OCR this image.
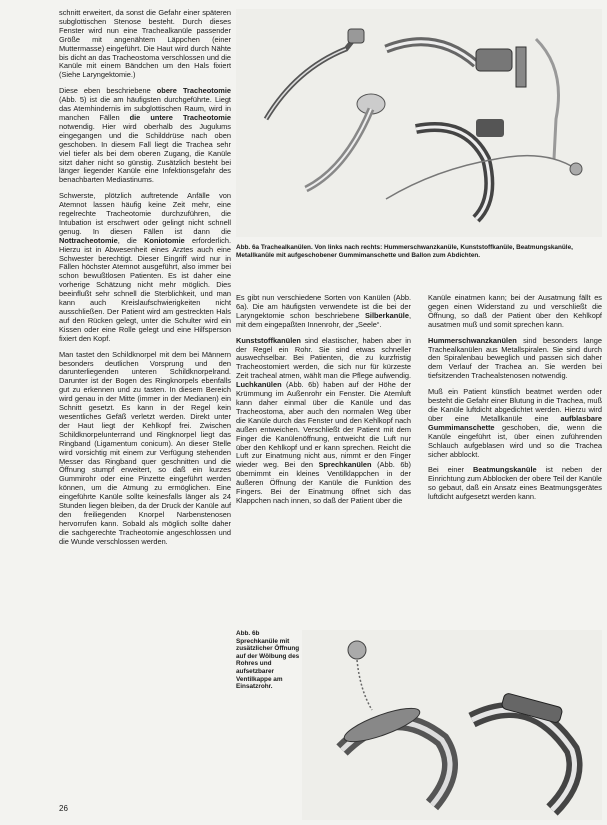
schnitt erweitert, da sonst die Gefahr einer späteren subglottischen Stenose besteht. Durch dieses Fenster wird nun eine Trachealkanüle passender Größe mit angenähtem Läppchen (einer Muttermasse) eingeführt. Die Haut wird durch Nähte bis dicht an das Tracheostoma verschlossen und die Kanüle mit einem Bändchen um den Hals fixiert (Siehe Laryngektomie.)

Diese eben beschriebene obere Tracheotomie (Abb. 5) ist die am häufigsten durchgeführte. Liegt das Atemhindernis im subglottischen Raum, wird in manchen Fällen die untere Tracheotomie notwendig. Hier wird oberhalb des Jugulums eingegangen und die Schilddrüse nach oben geschoben. In diesem Fall liegt die Trachea sehr viel tiefer als bei dem oberen Zugang, die Kanüle sitzt daher nicht so günstig. Zusätzlich besteht bei länger liegender Kanüle eine Infektionsgefahr des benachbarten Mediastinums.

Schwerste, plötzlich auftretende Anfälle von Atemnot lassen häufig keine Zeit mehr, eine regelrechte Tracheotomie durchzuführen, die Intubation ist erschwert oder gelingt nicht schnell genug. In diesen Fällen ist dann die Nottracheotomie, die Koniotomie erforderlich. Hierzu ist in Abwesenheit eines Arztes auch eine Schwester berechtigt. Dieser Eingriff wird nur in Fällen höchster Atemnot ausgeführt, also immer bei schon bewußtlosen Patienten. Es ist daher eine vorherige Schätzung nicht mehr möglich. Dies beeinflußt sehr schnell die Sterblichkeit, und man kann auch Kreislaufschwierigkeiten nicht ausschließen. Der Patient wird am gestreckten Hals auf den Rücken gelegt, unter die Schulter wird ein Kissen oder eine Rolle gelegt und eine Hilfsperson fixiert den Kopf.

Man tastet den Schildknorpel mit dem bei Männern besonders deutlichen Vorsprung und den darunterliegenden unteren Schildknorpelrand. Darunter ist der Bogen des Ringknorpels ebenfalls gut zu erkennen und zu tasten. In diesem Bereich wird genau in der Mitte (immer in der Medianen) ein Schnitt gesetzt. Es kann in der Regel kein wesentliches Gefäß verletzt werden. Direkt unter der Haut liegt der Kehlkopf frei. Zwischen Schildknorpelunterrand und Ringknorpel liegt das Ringband (Ligamentum conicum). An dieser Stelle wird vorsichtig mit einem zur Verfügung stehenden Messer das Ringband quer geschnitten und die Öffnung stumpf erweitert, so daß ein kurzes Gummirohr oder eine Pinzette eingeführt werden können, um die Atmung zu ermöglichen. Eine eingeführte Kanüle sollte keinesfalls länger als 24 Stunden liegen bleiben, da der Druck der Kanüle auf den freiliegenden Knorpel Narbenstenosen hervorrufen kann. Sobald als möglich sollte daher die sachgerechte Tracheotomie angeschlossen und die Wunde verschlossen werden.

Abb. 6a Trachealkanülen. Von links nach rechts: Hummerschwanzkanüle, Kunststoffkanüle, Beatmungskanüle, Metallkanüle mit aufgeschobener Gummimanschette und Ballon zum Abdichten.

Es gibt nun verschiedene Sorten von Kanülen (Abb. 6a). Die am häufigsten verwendete ist die bei der Laryngektomie schon beschriebene Silberkanüle, mit dem eingepaßten Innenrohr, der „Seele“.

Kunststoffkanülen sind elastischer, haben aber in der Regel ein Rohr. Sie sind etwas schneller auswechselbar. Bei Patienten, die zu kurzfristig Tracheostomiert werden, die sich nur für kürzeste Zeit tracheal atmen, wählt man die Pflege aufwendig. Luchkanülen (Abb. 6b) haben auf der Höhe der Krümmung im Außenrohr ein Fenster. Die Atemluft kann daher einmal über die Kanüle und das Tracheostoma, aber auch den normalen Weg über die Kanüle durch das Fenster und den Kehlkopf nach außen entweichen. Verschließt der Patient mit dem Finger die Kanülenöffnung, entweicht die Luft nur über den Kehlkopf und er kann sprechen. Reicht die Luft zur Einatmung nicht aus, nimmt er den Finger wieder weg. Bei den Sprechkanülen (Abb. 6b) übernimmt ein kleines Ventilklappchen in der äußeren Öffnung der Kanüle die Funktion des Fingers. Bei der Einatmung öffnet sich das Klappchen nach innen, so daß der Patient über die

Kanüle einatmen kann; bei der Ausatmung fällt es gegen einen Widerstand zu und verschließt die Öffnung, so daß der Patient über den Kehlkopf ausatmen muß und somit sprechen kann.

Hummerschwanzkanülen sind besonders lange Trachealkanülen aus Metallspiralen. Sie sind durch den Spiralenbau beweglich und passen sich daher dem Verlauf der Trachea an. Sie werden bei tiefsitzenden Trachealstenosen notwendig.

Muß ein Patient künstlich beatmet werden oder besteht die Gefahr einer Blutung in die Trachea, muß die Kanüle luftdicht abgedichtet werden. Hierzu wird über eine Metallkanüle eine aufblasbare Gummimanschette geschoben, die, wenn die Kanüle eingeführt ist, über einen zuführenden Schlauch aufgeblasen wird und so die Trachea sicher abblockt.

Bei einer Beatmungskanüle ist neben der Einrichtung zum Abblocken der obere Teil der Kanüle so gebaut, daß ein Ansatz eines Beatmungsgerätes luftdicht aufgesetzt werden kann.

Abb. 6b Sprechkanüle mit zusätzlicher Öffnung auf der Wölbung des Rohres und aufsetzbarer Ventilkappe am Einsatzrohr.
26
